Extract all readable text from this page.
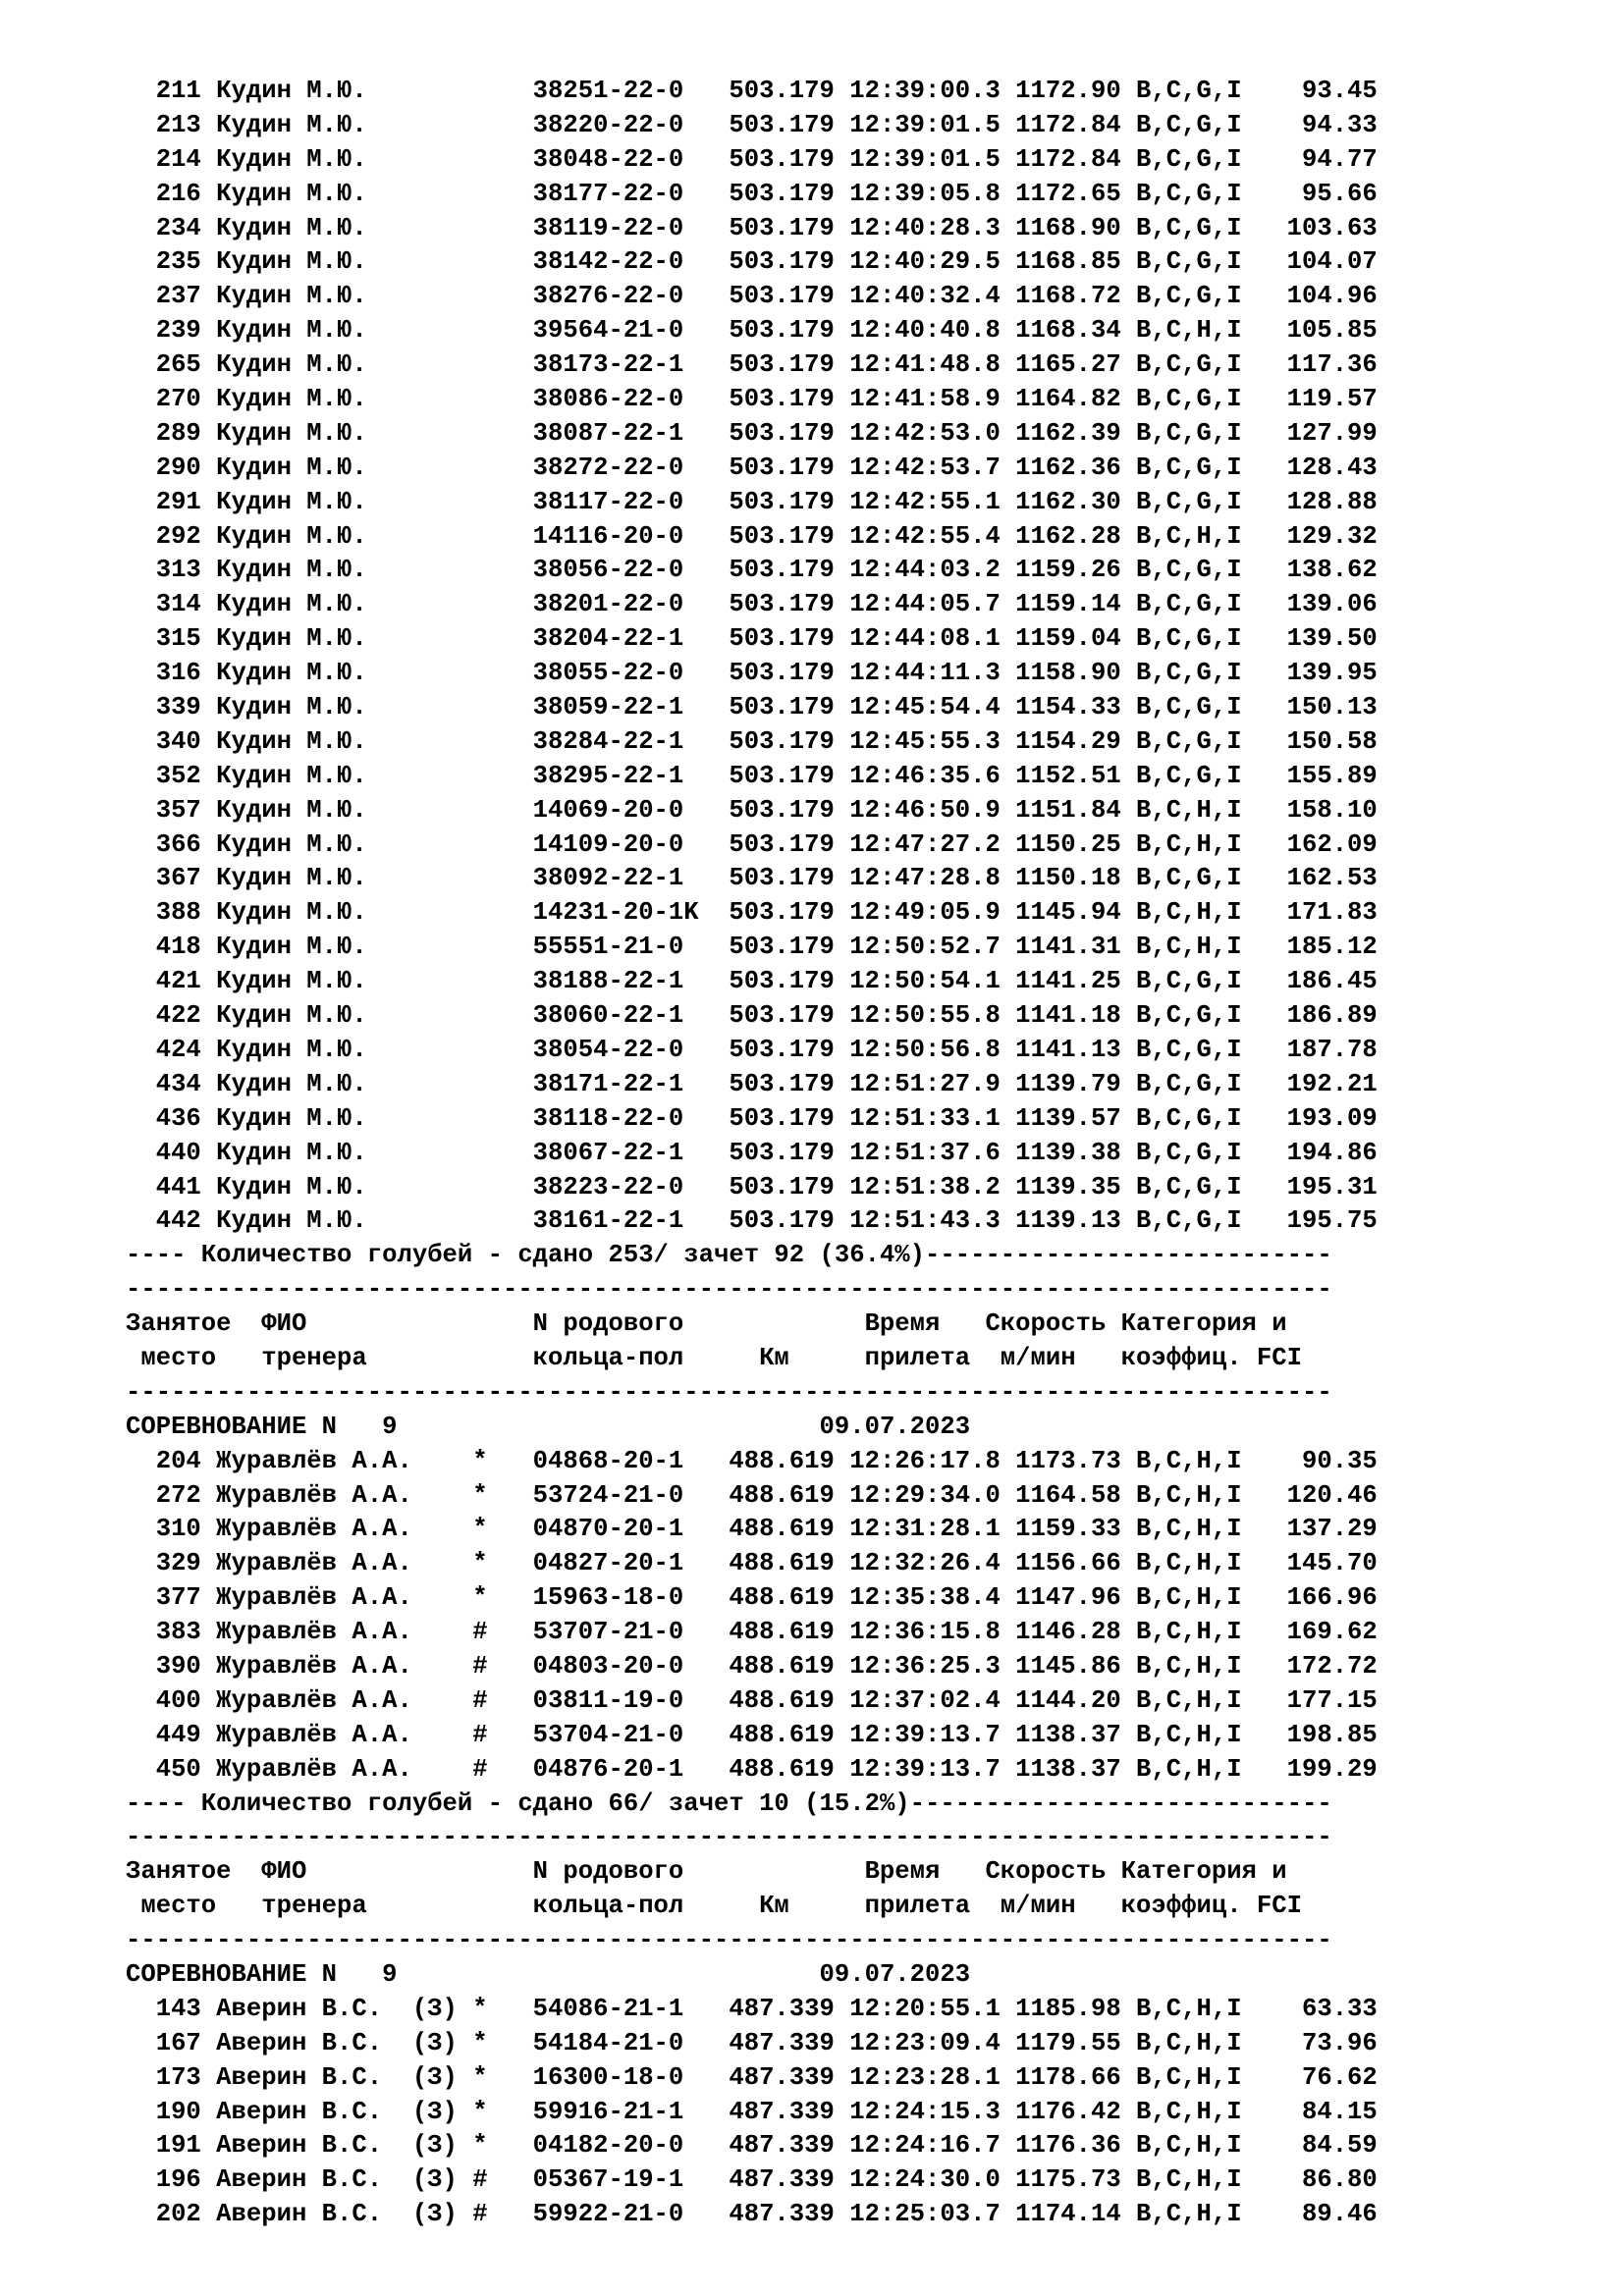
211 Кудин М.Ю.           38251-22-0   503.179 12:39:00.3 1172.90 B,C,G,I    93.45
213 Кудин М.Ю.           38220-22-0   503.179 12:39:01.5 1172.84 B,C,G,I    94.33
214 Кудин М.Ю.           38048-22-0   503.179 12:39:01.5 1172.84 B,C,G,I    94.77
216 Кудин М.Ю.           38177-22-0   503.179 12:39:05.8 1172.65 B,C,G,I    95.66
234 Кудин М.Ю.           38119-22-0   503.179 12:40:28.3 1168.90 B,C,G,I   103.63
235 Кудин М.Ю.           38142-22-0   503.179 12:40:29.5 1168.85 B,C,G,I   104.07
237 Кудин М.Ю.           38276-22-0   503.179 12:40:32.4 1168.72 B,C,G,I   104.96
239 Кудин М.Ю.           39564-21-0   503.179 12:40:40.8 1168.34 B,C,H,I   105.85
265 Кудин М.Ю.           38173-22-1   503.179 12:41:48.8 1165.27 B,C,G,I   117.36
270 Кудин М.Ю.           38086-22-0   503.179 12:41:58.9 1164.82 B,C,G,I   119.57
289 Кудин М.Ю.           38087-22-1   503.179 12:42:53.0 1162.39 B,C,G,I   127.99
290 Кудин М.Ю.           38272-22-0   503.179 12:42:53.7 1162.36 B,C,G,I   128.43
291 Кудин М.Ю.           38117-22-0   503.179 12:42:55.1 1162.30 B,C,G,I   128.88
292 Кудин М.Ю.           14116-20-0   503.179 12:42:55.4 1162.28 B,C,H,I   129.32
313 Кудин М.Ю.           38056-22-0   503.179 12:44:03.2 1159.26 B,C,G,I   138.62
314 Кудин М.Ю.           38201-22-0   503.179 12:44:05.7 1159.14 B,C,G,I   139.06
315 Кудин М.Ю.           38204-22-1   503.179 12:44:08.1 1159.04 B,C,G,I   139.50
316 Кудин М.Ю.           38055-22-0   503.179 12:44:11.3 1158.90 B,C,G,I   139.95
339 Кудин М.Ю.           38059-22-1   503.179 12:45:54.4 1154.33 B,C,G,I   150.13
340 Кудин М.Ю.           38284-22-1   503.179 12:45:55.3 1154.29 B,C,G,I   150.58
352 Кудин М.Ю.           38295-22-1   503.179 12:46:35.6 1152.51 B,C,G,I   155.89
357 Кудин М.Ю.           14069-20-0   503.179 12:46:50.9 1151.84 B,C,H,I   158.10
366 Кудин М.Ю.           14109-20-0   503.179 12:47:27.2 1150.25 B,C,H,I   162.09
367 Кудин М.Ю.           38092-22-1   503.179 12:47:28.8 1150.18 B,C,G,I   162.53
388 Кудин М.Ю.           14231-20-1K  503.179 12:49:05.9 1145.94 B,C,H,I   171.83
418 Кудин М.Ю.           55551-21-0   503.179 12:50:52.7 1141.31 B,C,H,I   185.12
421 Кудин М.Ю.           38188-22-1   503.179 12:50:54.1 1141.25 B,C,G,I   186.45
422 Кудин М.Ю.           38060-22-1   503.179 12:50:55.8 1141.18 B,C,G,I   186.89
424 Кудин М.Ю.           38054-22-0   503.179 12:50:56.8 1141.13 B,C,G,I   187.78
434 Кудин М.Ю.           38171-22-1   503.179 12:51:27.9 1139.79 B,C,G,I   192.21
436 Кудин М.Ю.           38118-22-0   503.179 12:51:33.1 1139.57 B,C,G,I   193.09
440 Кудин М.Ю.           38067-22-1   503.179 12:51:37.6 1139.38 B,C,G,I   194.86
441 Кудин М.Ю.           38223-22-0   503.179 12:51:38.2 1139.35 B,C,G,I   195.31
442 Кудин М.Ю.           38161-22-1   503.179 12:51:43.3 1139.13 B,C,G,I   195.75
---- Количество голубей - сдано 253/ зачет 92 (36.4%)---------------------------
--------------------------------------------------------------------------------
Занятое  ФИО               N родового            Время   Скорость Категория и
место   тренера           кольца-пол     Км     прилета  м/мин   коэффиц. FCI
--------------------------------------------------------------------------------
СОРЕВНОВАНИЕ N   9                            09.07.2023
204 Журавлёв А.А.    *   04868-20-1   488.619 12:26:17.8 1173.73 B,C,H,I    90.35
272 Журавлёв А.А.    *   53724-21-0   488.619 12:29:34.0 1164.58 B,C,H,I   120.46
310 Журавлёв А.А.    *   04870-20-1   488.619 12:31:28.1 1159.33 B,C,H,I   137.29
329 Журавлёв А.А.    *   04827-20-1   488.619 12:32:26.4 1156.66 B,C,H,I   145.70
377 Журавлёв А.А.    *   15963-18-0   488.619 12:35:38.4 1147.96 B,C,H,I   166.96
383 Журавлёв А.А.    #   53707-21-0   488.619 12:36:15.8 1146.28 B,C,H,I   169.62
390 Журавлёв А.А.    #   04803-20-0   488.619 12:36:25.3 1145.86 B,C,H,I   172.72
400 Журавлёв А.А.    #   03811-19-0   488.619 12:37:02.4 1144.20 B,C,H,I   177.15
449 Журавлёв А.А.    #   53704-21-0   488.619 12:39:13.7 1138.37 B,C,H,I   198.85
450 Журавлёв А.А.    #   04876-20-1   488.619 12:39:13.7 1138.37 B,C,H,I   199.29
---- Количество голубей - сдано 66/ зачет 10 (15.2%)----------------------------
--------------------------------------------------------------------------------
Занятое  ФИО               N родового            Время   Скорость Категория и
место   тренера           кольца-пол     Км     прилета  м/мин   коэффиц. FCI
--------------------------------------------------------------------------------
СОРЕВНОВАНИЕ N   9                            09.07.2023
143 Аверин В.С.  (З) *   54086-21-1   487.339 12:20:55.1 1185.98 B,C,H,I    63.33
167 Аверин В.С.  (З) *   54184-21-0   487.339 12:23:09.4 1179.55 B,C,H,I    73.96
173 Аверин В.С.  (З) *   16300-18-0   487.339 12:23:28.1 1178.66 B,C,H,I    76.62
190 Аверин В.С.  (З) *   59916-21-1   487.339 12:24:15.3 1176.42 B,C,H,I    84.15
191 Аверин В.С.  (З) *   04182-20-0   487.339 12:24:16.7 1176.36 B,C,H,I    84.59
196 Аверин В.С.  (З) #   05367-19-1   487.339 12:24:30.0 1175.73 B,C,H,I    86.80
202 Аверин В.С.  (З) #   59922-21-0   487.339 12:25:03.7 1174.14 B,C,H,I    89.46
